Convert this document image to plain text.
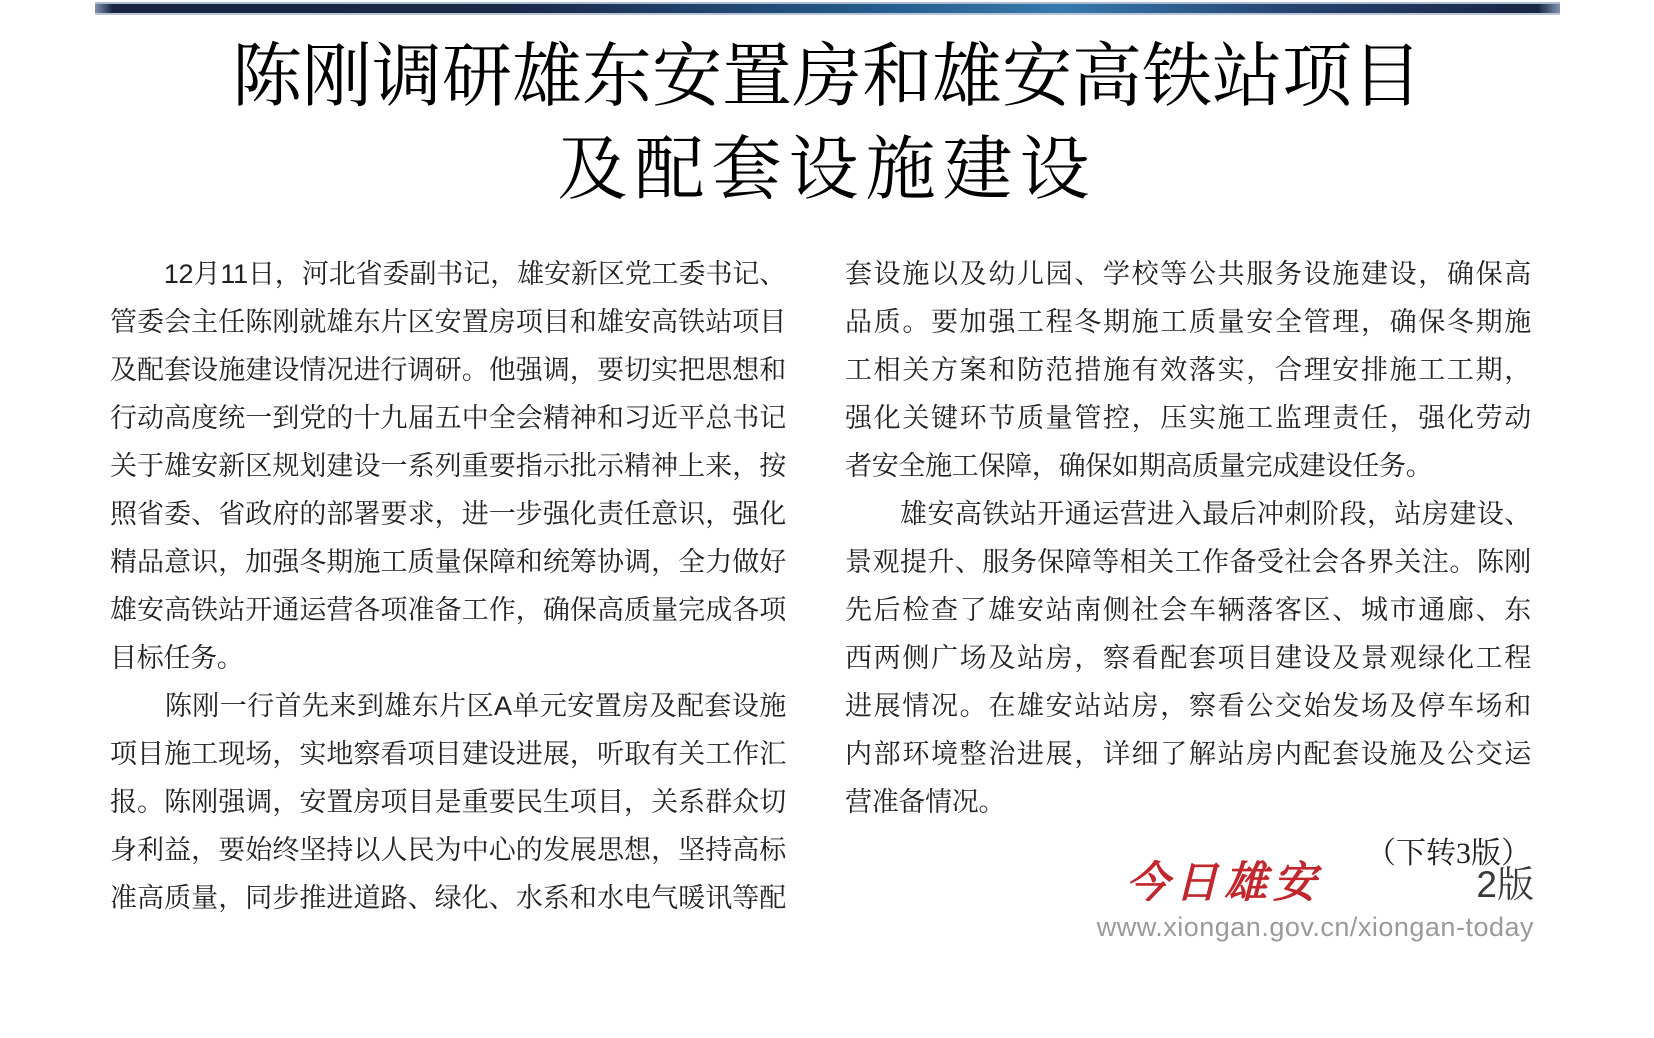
陈刚调研雄东安置房和雄安高铁站项目
及配套设施建设
　　12月11日，河北省委副书记，雄安新区党工委书记、
管委会主任陈刚就雄东片区安置房项目和雄安高铁站项目
及配套设施建设情况进行调研。他强调，要切实把思想和
行动高度统一到党的十九届五中全会精神和习近平总书记
关于雄安新区规划建设一系列重要指示批示精神上来，按
照省委、省政府的部署要求，进一步强化责任意识，强化
精品意识，加强冬期施工质量保障和统筹协调，全力做好
雄安高铁站开通运营各项准备工作，确保高质量完成各项
目标任务。
　　陈刚一行首先来到雄东片区A单元安置房及配套设施
项目施工现场，实地察看项目建设进展，听取有关工作汇
报。陈刚强调，安置房项目是重要民生项目，关系群众切
身利益，要始终坚持以人民为中心的发展思想，坚持高标
准高质量，同步推进道路、绿化、水系和水电气暖讯等配
套设施以及幼儿园、学校等公共服务设施建设，确保高
品质。要加强工程冬期施工质量安全管理，确保冬期施
工相关方案和防范措施有效落实，合理安排施工工期，
强化关键环节质量管控，压实施工监理责任，强化劳动
者安全施工保障，确保如期高质量完成建设任务。
　　雄安高铁站开通运营进入最后冲刺阶段，站房建设、
景观提升、服务保障等相关工作备受社会各界关注。陈刚
先后检查了雄安站南侧社会车辆落客区、城市通廊、东
西两侧广场及站房，察看配套项目建设及景观绿化工程
进展情况。在雄安站站房，察看公交始发场及停车场和
内部环境整治进展，详细了解站房内配套设施及公交运
营准备情况。
（下转3版）
今日雄安	2版
www.xiongan.gov.cn/xiongan-today
